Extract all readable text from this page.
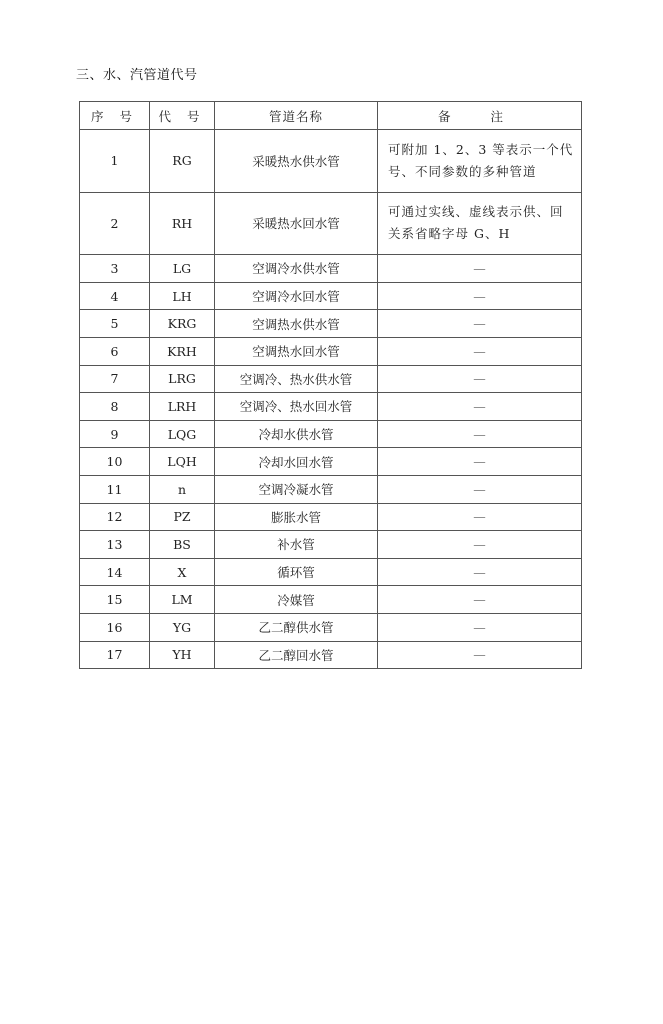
三、水、汽管道代号
序 号	代 号	管道名称	备 注
1	RG	采暖热水供水管	可附加 1、2、3 等表示一个代号、不同参数的多种管道
2	RH	采暖热水回水管	可通过实线、虚线表示供、回关系省略字母 G、H
3	LG	空调冷水供水管	—
4	LH	空调冷水回水管	—
5	KRG	空调热水供水管	—
6	KRH	空调热水回水管	—
7	LRG	空调冷、热水供水管	—
8	LRH	空调冷、热水回水管	—
9	LQG	冷却水供水管	—
10	LQH	冷却水回水管	—
11	n	空调冷凝水管	—
12	PZ	膨胀水管	—
13	BS	补水管	—
14	X	循环管	—
15	LM	冷媒管	—
16	YG	乙二醇供水管	—
17	YH	乙二醇回水管	—
